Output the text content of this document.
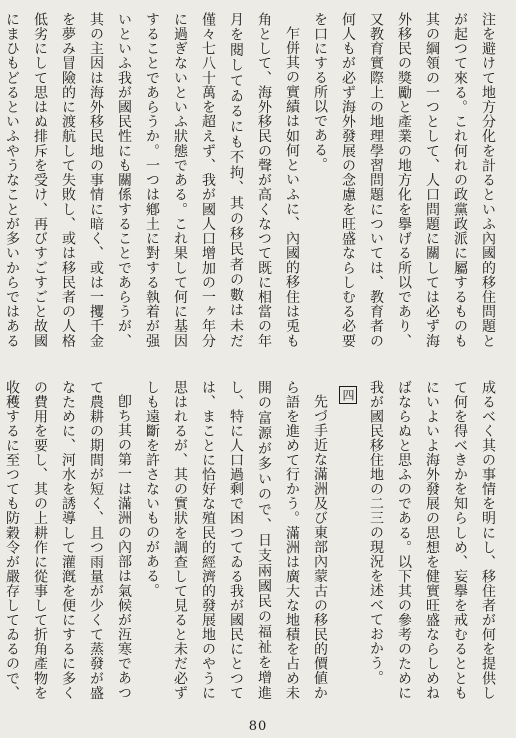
注を避けて地方分化を計るといふ內國的移住問題とが起つて來る。これ何れの政黨政派に屬するものも其の綱領の一つとして、人口問題に關しては必ず海外移民の獎勵と產業の地方化を擧げる所以であり、又教育實際上の地理學習問題については、教育者の何人もが必ず海外發展の念慮を旺盛ならしむる必要を口にする所以である。

乍併其の實績は如何といふに、內國的移住は兎も角として、海外移民の聲が高くなつて既に相當の年月を閱してゐるにも不拘、其の移民者の數は未だ僅々七八十萬を超えず、我が國人口增加の一ヶ年分に過ぎないといふ狀態である。これ果して何に基因することであらうか。一つは鄕土に對する執着が强いといふ我が國民性にも關係することであらうが、其の主因は海外移民地の事情に暗く、或は一攫千金を夢み冒險的に渡航して失敗し、或は移民者の人格低劣にして思はぬ排斥を受け、再びすごすごと故國にまひもどるといふやうなことが多いからではある

成るべく其の事情を明にし、移住者が何を提供して何を得べきかを知らしめ、妄擧を戒むるとともにいよいよ海外發展の思想を健實旺盛ならしめねばならぬと思ふのである。以下其の參考のために我が國民移住地の二三の現況を述べておかう。

四

先づ手近な滿洲及び東部內蒙古の移民的價値から語を進めて行かう。滿洲は廣大な地積を占め未開の富源が多いので、日支兩國民の福祉を增進し、特に人口過剩で困つてゐる我が國民にとつては、まことに恰好な殖民的經濟的發展地のやうに思はれるが、其の實狀を調查して見ると未だ必ずしも遠斷を許さないものがある。

卽ち其の第一は滿洲の內部は氣候が沍寒であつて農耕の期間が短く、且つ雨量が少くて蒸發が盛なために、河水を誘導して灌漑を便にするに多くの費用を要し、其の上耕作に從事して折角產物を收穫するに至つても防穀令が嚴存してゐるので、

80
